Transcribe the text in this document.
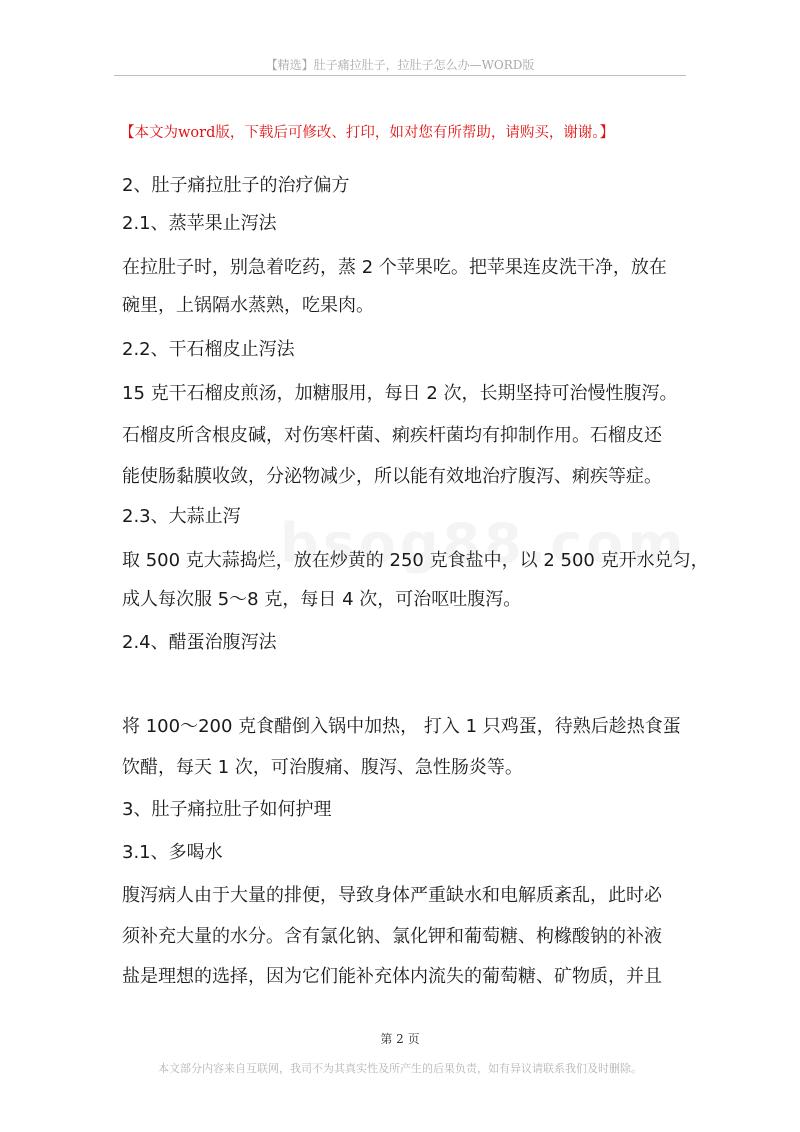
【精选】肚子痛拉肚子，拉肚子怎么办—WORD版
【本文为word版，下载后可修改、打印，如对您有所帮助，请购买，谢谢。】
2、肚子痛拉肚子的治疗偏方
2.1、蒸苹果止泻法
在拉肚子时，别急着吃药，蒸 2 个苹果吃。把苹果连皮洗干净，放在
碗里，上锅隔水蒸熟，吃果肉。
2.2、干石榴皮止泻法
15 克干石榴皮煎汤，加糖服用，每日 2 次，长期坚持可治慢性腹泻。
石榴皮所含根皮碱，对伤寒杆菌、痢疾杆菌均有抑制作用。石榴皮还
能使肠黏膜收敛，分泌物减少，所以能有效地治疗腹泻、痢疾等症。
2.3、大蒜止泻
取 500 克大蒜捣烂，放在炒黄的 250 克食盐中，以 2 500 克开水兑匀，
成人每次服 5～8 克，每日 4 次，可治呕吐腹泻。
2.4、醋蛋治腹泻法
将 100～200 克食醋倒入锅中加热， 打入 1 只鸡蛋，待熟后趁热食蛋
饮醋，每天 1 次，可治腹痛、腹泻、急性肠炎等。
3、肚子痛拉肚子如何护理
3.1、多喝水
腹泻病人由于大量的排便，导致身体严重缺水和电解质紊乱，此时必
须补充大量的水分。含有氯化钠、氯化钾和葡萄糖、枸橼酸钠的补液
盐是理想的选择，因为它们能补充体内流失的葡萄糖、矿物质，并且
第 2 页
本文部分内容来自互联网，我司不为其真实性及所产生的后果负责，如有异议请联系我们及时删除。
